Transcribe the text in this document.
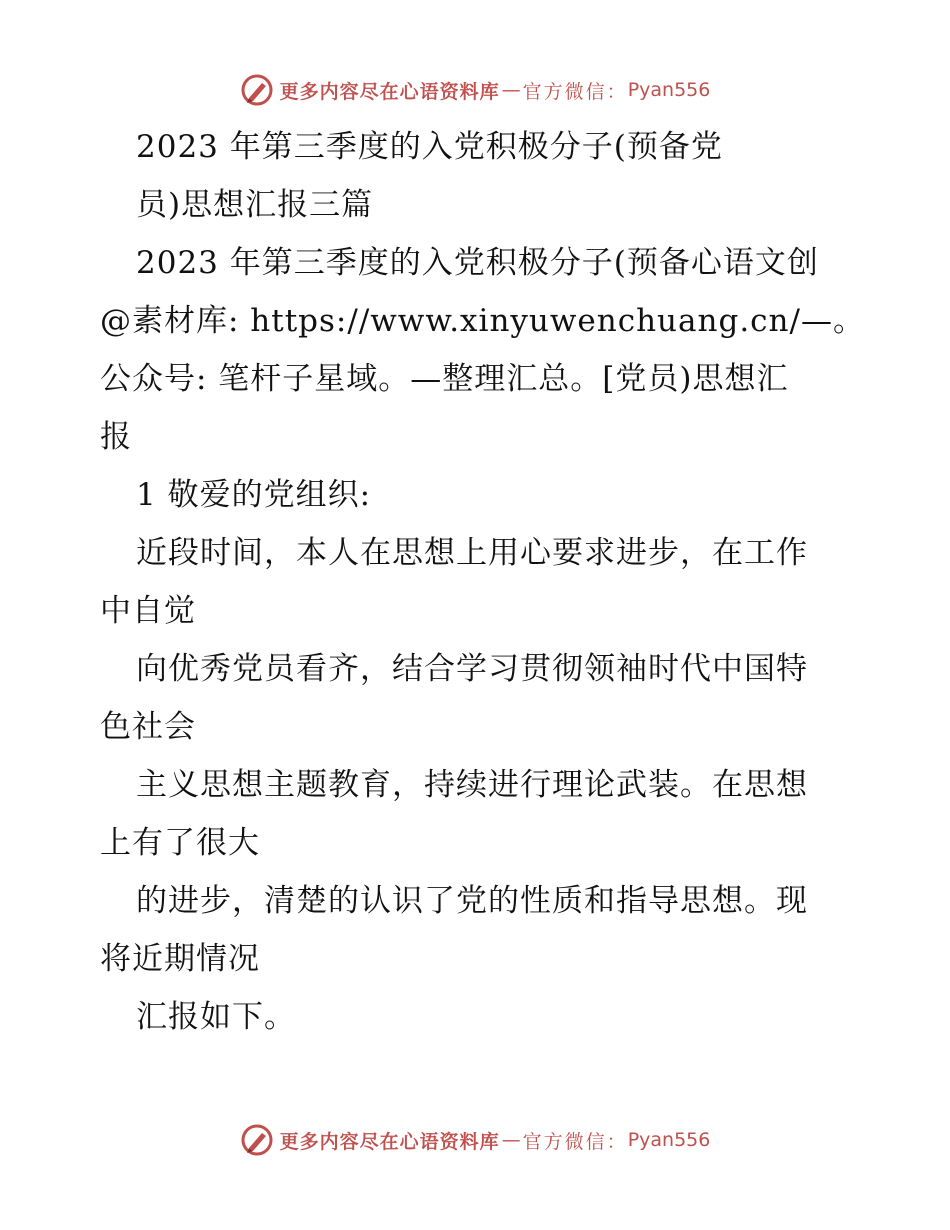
更多内容尽在心语资料库 — 官方微信： Pyan556
2023 年第三季度的入党积极分子(预备党
员)思想汇报三篇
2023 年第三季度的入党积极分子(预备心语文创
@素材库: https://www.xinyuwenchuang.cn/—。
公众号: 笔杆子星域。—整理汇总。[党员)思想汇
报
1 敬爱的党组织:
近段时间，本人在思想上用心要求进步，在工作
中自觉
向优秀党员看齐，结合学习贯彻领袖时代中国特
色社会
主义思想主题教育，持续进行理论武装。在思想
上有了很大
的进步，清楚的认识了党的性质和指导思想。现
将近期情况
汇报如下。
更多内容尽在心语资料库 — 官方微信： Pyan556
